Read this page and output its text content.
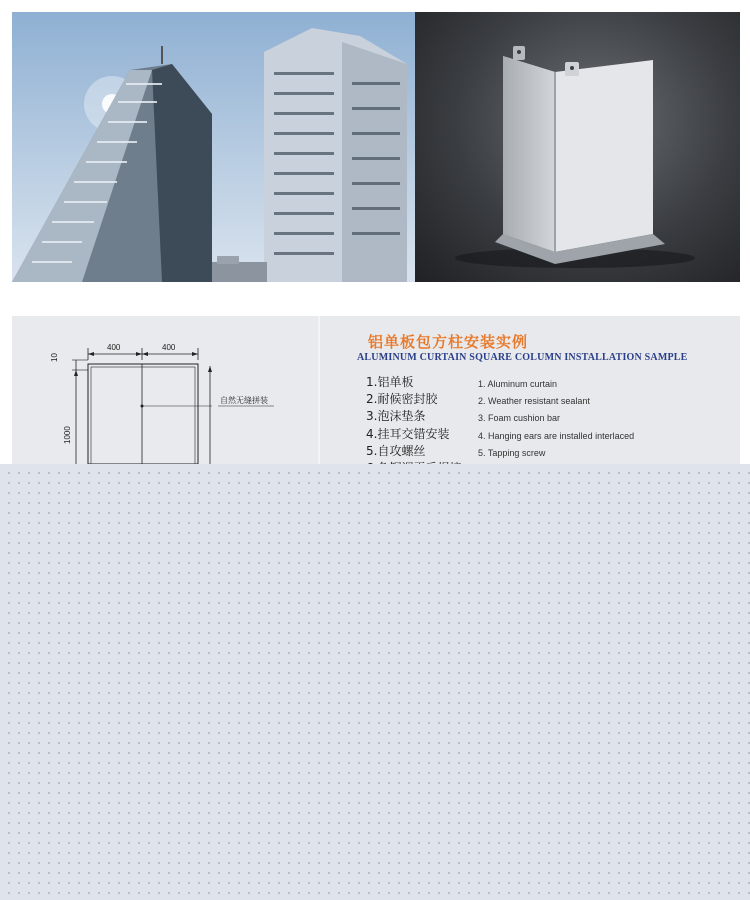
400	400
10
1000
自然无缝拼装
铝单板包方柱安装实例
ALUMINUM CURTAIN SQUARE COLUMN INSTALLATION SAMPLE
1.铝单板
2.耐候密封胶
3.泡沫垫条
4.挂耳交错安装
5.自攻螺丝
1. Aluminum curtain
2. Weather resistant sealant
3. Foam cushion bar
4. Hanging ears are installed interlaced
5. Tapping screw
